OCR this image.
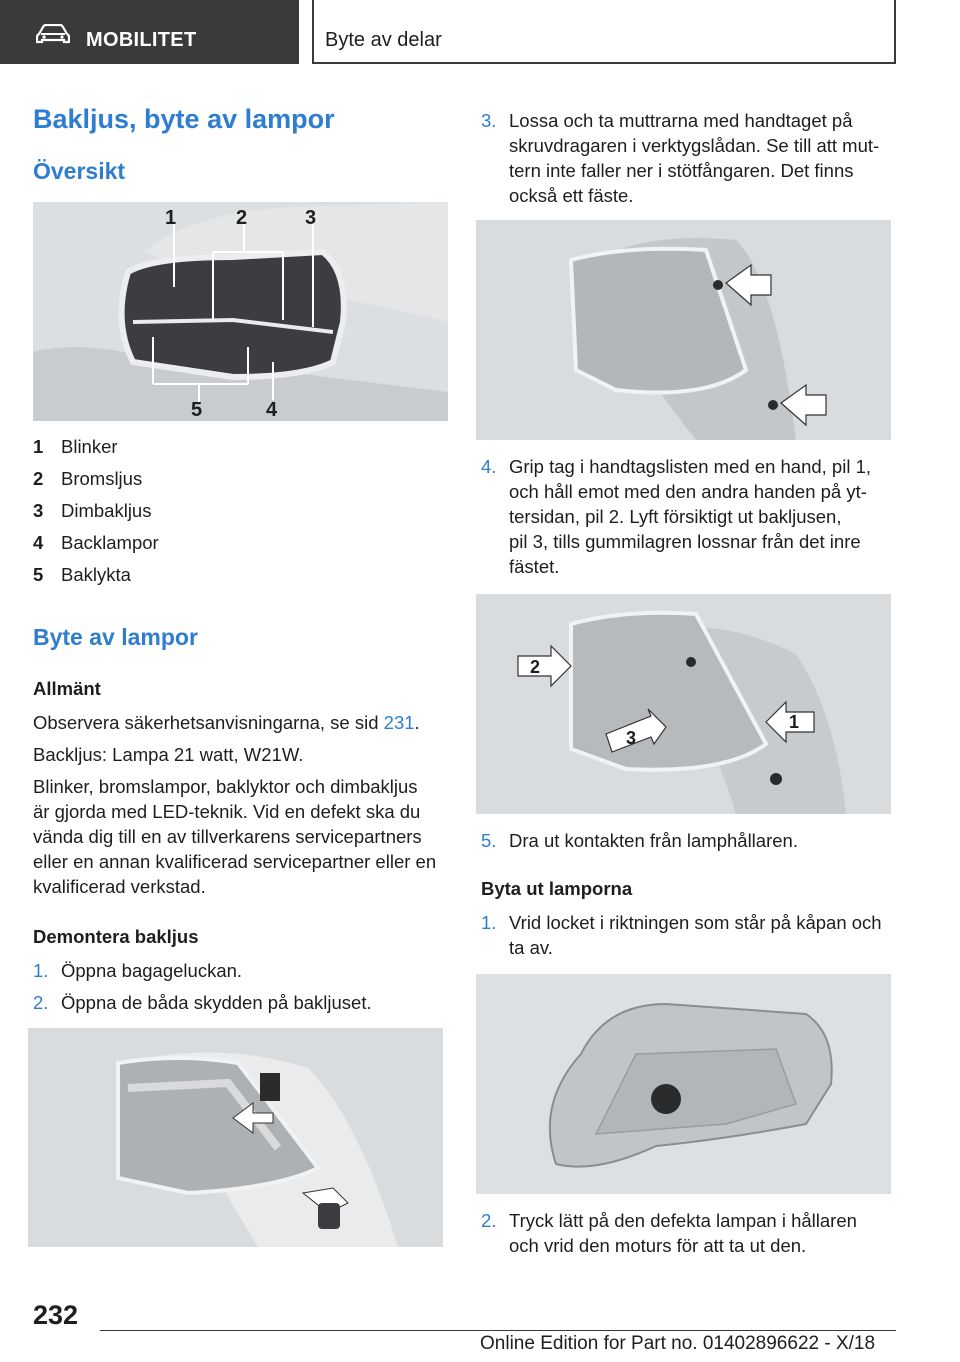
MOBILITET	Byte av delar
Bakljus, byte av lampor
Översikt
1	2	3
4
5
1 Blinker
2 Bromsljus
3 Dimbakljus
4 Backlampor
5 Baklykta
Byte av lampor
Allmänt
Observera säkerhetsanvisningarna, se sid 231.
Backljus: Lampa 21 watt, W21W.
Blinker, bromslampor, baklyktor och dimbakljus
är gjorda med LED-teknik. Vid en defekt ska du
vända dig till en av tillverkarens servicepartners
eller en annan kvalificerad servicepartner eller en
kvalificerad verkstad.
Demontera bakljus
1. Öppna bagageluckan.
2. Öppna de båda skydden på bakljuset.
3. Lossa och ta muttrarna med handtaget på
skruvdragaren i verktygslådan. Se till att mut-
tern inte faller ner i stötfångaren. Det finns
också ett fäste.
4. Grip tag i handtagslisten med en hand, pil 1,
och håll emot med den andra handen på yt-
tersidan, pil 2. Lyft försiktigt ut bakljusen,
pil 3, tills gummilagren lossnar från det inre
fästet.
2
1
3
5. Dra ut kontakten från lamphållaren.
Byta ut lamporna
1. Vrid locket i riktningen som står på kåpan och
ta av.
2. Tryck lätt på den defekta lampan i hållaren
och vrid den moturs för att ta ut den.
232
Online Edition for Part no. 01402896622 - X/18
